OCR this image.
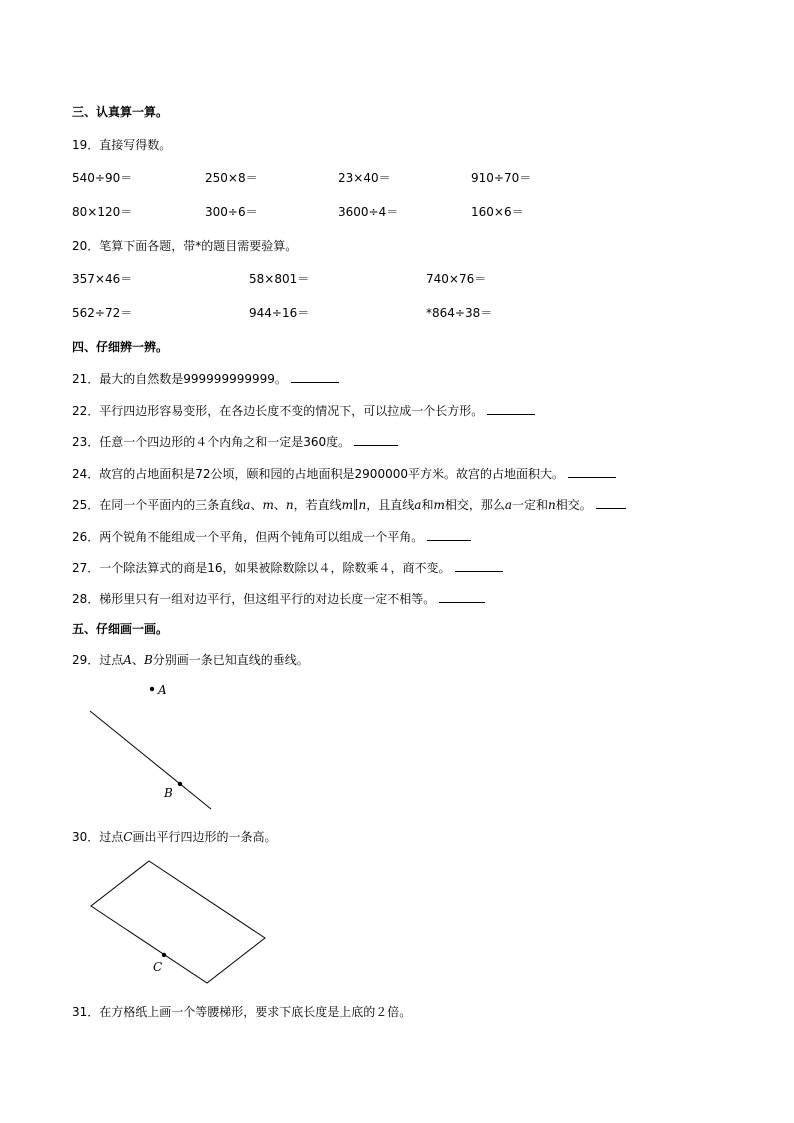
三、认真算一算。
19．直接写得数。
540÷90＝	250×8＝	23×40＝	910÷70＝
80×120＝	300÷6＝	3600÷4＝	160×6＝
20．笔算下面各题，带*的题目需要验算。
357×46＝	58×801＝	740×76＝
562÷72＝	944÷16＝	*864÷38＝
四、仔细辨一辨。
21．最大的自然数是999999999999。
22．平行四边形容易变形，在各边长度不变的情况下，可以拉成一个长方形。
23．任意一个四边形的４个内角之和一定是360度。
24．故宫的占地面积是72公顷，颐和园的占地面积是2900000平方米。故宫的占地面积大。
25．在同一个平面内的三条直线a、m、n，若直线m∥n，且直线a和m相交，那么a一定和n相交。
26．两个锐角不能组成一个平角，但两个钝角可以组成一个平角。
27．一个除法算式的商是16，如果被除数除以４，除数乘４，商不变。
28．梯形里只有一组对边平行，但这组平行的对边长度一定不相等。
五、仔细画一画。
29．过点A、B分别画一条已知直线的垂线。
A
B
30．过点C画出平行四边形的一条高。
C
31．在方格纸上画一个等腰梯形，要求下底长度是上底的２倍。
